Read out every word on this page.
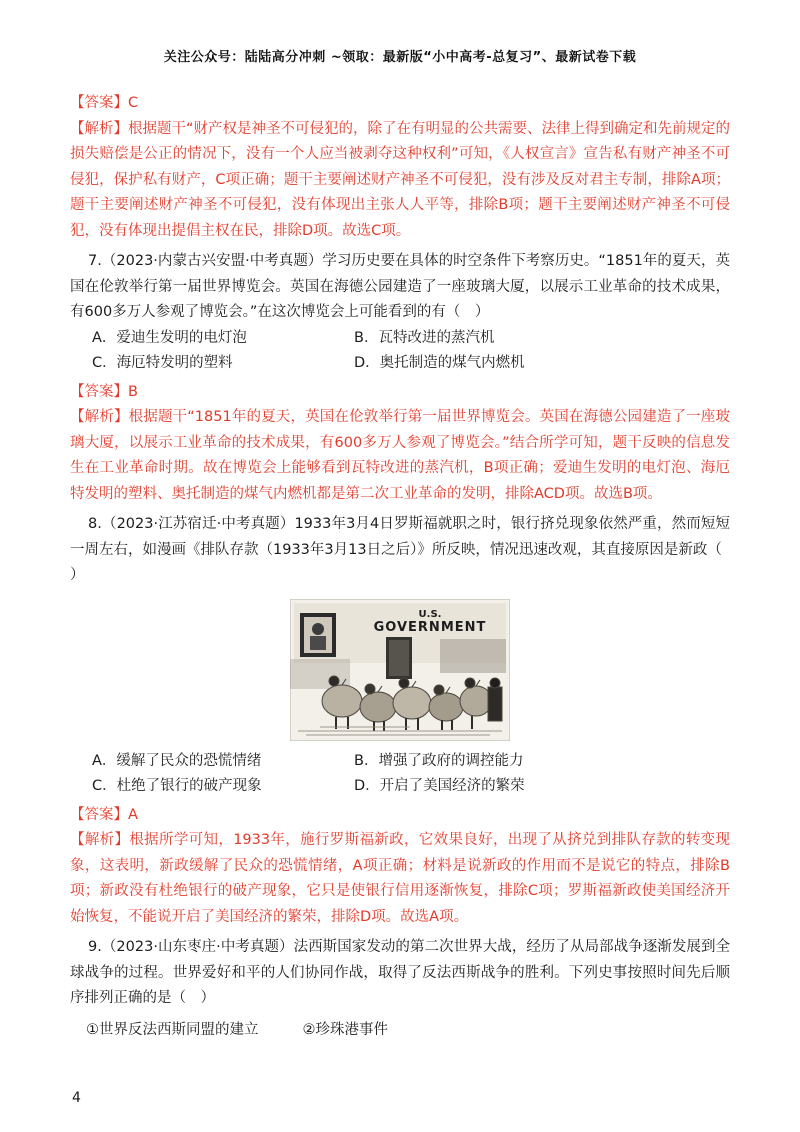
关注公众号：陆陆高分冲刺 ~领取：最新版“小中高考-总复习”、最新试卷下载

【答案】C

【解析】根据题干“财产权是神圣不可侵犯的，除了在有明显的公共需要、法律上得到确定和先前规定的损失赔偿是公正的情况下，没有一个人应当被剥夺这种权利”可知，《人权宣言》宣告私有财产神圣不可侵犯，保护私有财产，C项正确；题干主要阐述财产神圣不可侵犯，没有涉及反对君主专制，排除A项；题干主要阐述财产神圣不可侵犯，没有体现出主张人人平等，排除B项；题干主要阐述财产神圣不可侵犯，没有体现出提倡主权在民，排除D项。故选C项。

7.（2023·内蒙古兴安盟·中考真题）学习历史要在具体的时空条件下考察历史。“1851年的夏天，英国在伦敦举行第一届世界博览会。英国在海德公园建造了一座玻璃大厦，以展示工业革命的技术成果，有600多万人参观了博览会。”在这次博览会上可能看到的有（　）

A．爱迪生发明的电灯泡	B．瓦特改进的蒸汽机
C．海厄特发明的塑料	D．奥托制造的煤气内燃机

【答案】B

【解析】根据题干“1851年的夏天，英国在伦敦举行第一届世界博览会。英国在海德公园建造了一座玻璃大厦，以展示工业革命的技术成果，有600多万人参观了博览会。”结合所学可知，题干反映的信息发生在工业革命时期。故在博览会上能够看到瓦特改进的蒸汽机，B项正确；爱迪生发明的电灯泡、海厄特发明的塑料、奥托制造的煤气内燃机都是第二次工业革命的发明，排除ACD项。故选B项。

8.（2023·江苏宿迁·中考真题）1933年3月4日罗斯福就职之时，银行挤兑现象依然严重，然而短短一周左右，如漫画《排队存款（1933年3月13日之后）》所反映，情况迅速改观，其直接原因是新政（

）

U.S.
GOVERNMENT
A．缓解了民众的恐慌情绪	B．增强了政府的调控能力
C．杜绝了银行的破产现象	D．开启了美国经济的繁荣

【答案】A

【解析】根据所学可知，1933年，施行罗斯福新政，它效果良好，出现了从挤兑到排队存款的转变现象，这表明，新政缓解了民众的恐慌情绪，A项正确；材料是说新政的作用而不是说它的特点，排除B项；新政没有杜绝银行的破产现象，它只是使银行信用逐渐恢复，排除C项；罗斯福新政使美国经济开始恢复，不能说开启了美国经济的繁荣，排除D项。故选A项。

9.（2023·山东枣庄·中考真题）法西斯国家发动的第二次世界大战，经历了从局部战争逐渐发展到全球战争的过程。世界爱好和平的人们协同作战，取得了反法西斯战争的胜利。下列史事按照时间先后顺序排列正确的是（　）

①世界反法西斯同盟的建立	②珍珠港事件

4
